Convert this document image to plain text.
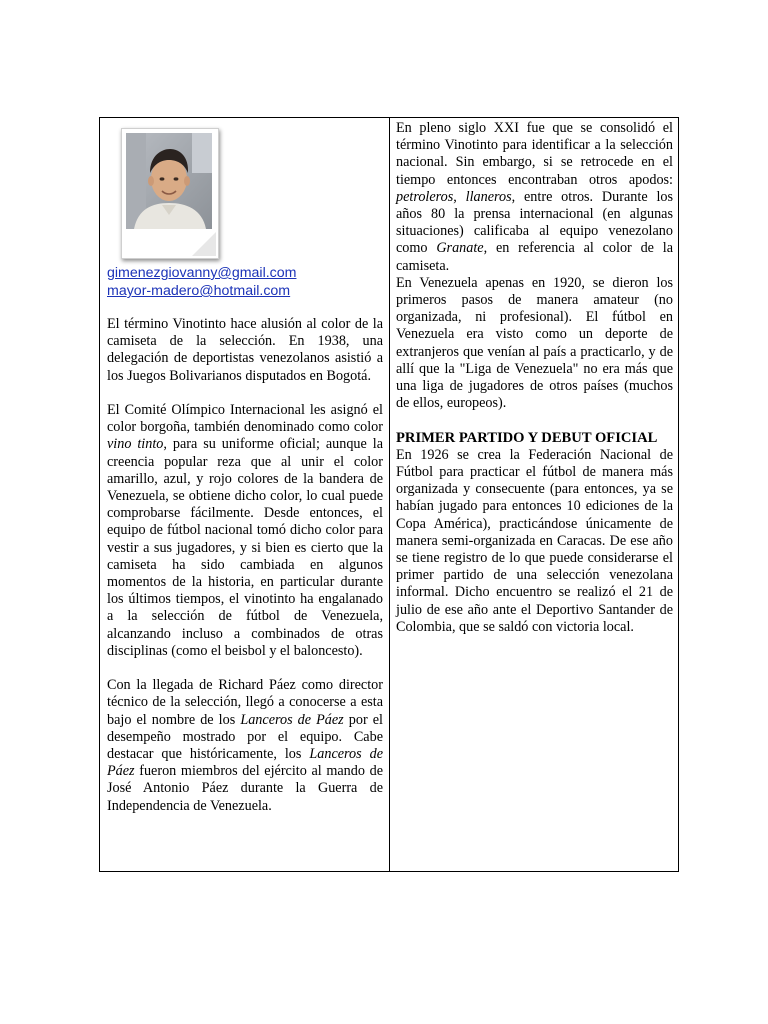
gimenezgiovanny@gmail.com
mayor-madero@hotmail.com

El término Vinotinto hace alusión al color de la camiseta de la selección. En 1938, una delegación de deportistas venezolanos asistió a los Juegos Bolivarianos disputados en Bogotá.

El Comité Olímpico Internacional les asignó el color borgoña, también denominado como color vino tinto, para su uniforme oficial; aunque la creencia popular reza que al unir el color amarillo, azul, y rojo colores de la bandera de Venezuela, se obtiene dicho color, lo cual puede comprobarse fácilmente. Desde entonces, el equipo de fútbol nacional tomó dicho color para vestir a sus jugadores, y si bien es cierto que la camiseta ha sido cambiada en algunos momentos de la historia, en particular durante los últimos tiempos, el vinotinto ha engalanado a la selección de fútbol de Venezuela, alcanzando incluso a combinados de otras disciplinas (como el beisbol y el baloncesto).

Con la llegada de Richard Páez como director técnico de la selección, llegó a conocerse a esta bajo el nombre de los Lanceros de Páez por el desempeño mostrado por el equipo. Cabe destacar que históricamente, los Lanceros de Páez fueron miembros del ejército al mando de José Antonio Páez durante la Guerra de Independencia de Venezuela.

En pleno siglo XXI fue que se consolidó el término Vinotinto para identificar a la selección nacional. Sin embargo, si se retrocede en el tiempo entonces encontraban otros apodos: petroleros, llaneros, entre otros. Durante los años 80 la prensa internacional (en algunas situaciones) calificaba al equipo venezolano como Granate, en referencia al color de la camiseta.

En Venezuela apenas en 1920, se dieron los primeros pasos de manera amateur (no organizada, ni profesional). El fútbol en Venezuela era visto como un deporte de extranjeros que venían al país a practicarlo, y de allí que la "Liga de Venezuela" no era más que una liga de jugadores de otros países (muchos de ellos, europeos).

PRIMER PARTIDO Y DEBUT OFICIAL

En 1926 se crea la Federación Nacional de Fútbol para practicar el fútbol de manera más organizada y consecuente (para entonces, ya se habían jugado para entonces 10 ediciones de la Copa América), practicándose únicamente de manera semi-organizada en Caracas. De ese año se tiene registro de lo que puede considerarse el primer partido de una selección venezolana informal. Dicho encuentro se realizó el 21 de julio de ese año ante el Deportivo Santander de Colombia, que se saldó con victoria local.
